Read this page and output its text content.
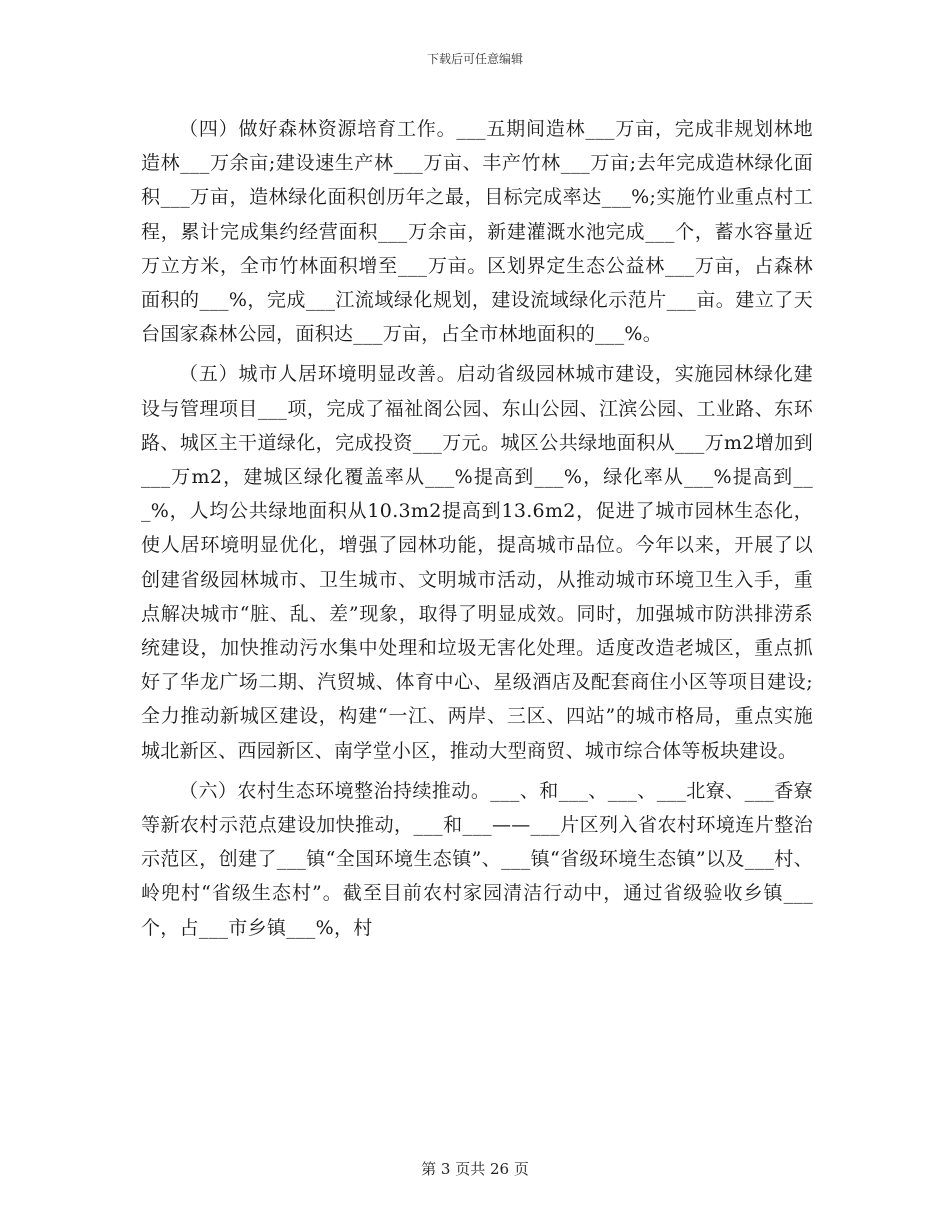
下载后可任意编辑

（四）做好森林资源培育工作。___五期间造林___万亩，完成非规划林地造林___万余亩;建设速生产林___万亩、丰产竹林___万亩;去年完成造林绿化面积___万亩，造林绿化面积创历年之最，目标完成率达___%;实施竹业重点村工程，累计完成集约经营面积___万余亩，新建灌溉水池完成___个，蓄水容量近万立方米，全市竹林面积增至___万亩。区划界定生态公益林___万亩，占森林面积的___%，完成___江流域绿化规划，建设流域绿化示范片___亩。建立了天台国家森林公园，面积达___万亩，占全市林地面积的___%。

（五）城市人居环境明显改善。启动省级园林城市建设，实施园林绿化建设与管理项目___项，完成了福祉阁公园、东山公园、江滨公园、工业路、东环路、城区主干道绿化，完成投资___万元。城区公共绿地面积从___万m2增加到___万m2，建城区绿化覆盖率从___%提高到___%，绿化率从___%提高到___%，人均公共绿地面积从10.3m2提高到13.6m2，促进了城市园林生态化，使人居环境明显优化，增强了园林功能，提高城市品位。今年以来，开展了以创建省级园林城市、卫生城市、文明城市活动，从推动城市环境卫生入手，重点解决城市“脏、乱、差”现象，取得了明显成效。同时，加强城市防洪排涝系统建设，加快推动污水集中处理和垃圾无害化处理。适度改造老城区，重点抓好了华龙广场二期、汽贸城、体育中心、星级酒店及配套商住小区等项目建设;全力推动新城区建设，构建“一江、两岸、三区、四站”的城市格局，重点实施城北新区、西园新区、南学堂小区，推动大型商贸、城市综合体等板块建设。

（六）农村生态环境整治持续推动。___、和___、___、___北寮、___香寮等新农村示范点建设加快推动，___和___——___片区列入省农村环境连片整治示范区，创建了___镇“全国环境生态镇”、___镇“省级环境生态镇”以及___村、岭兜村“省级生态村”。截至目前农村家园清洁行动中，通过省级验收乡镇___个，占___市乡镇___%，村

第 3 页共 26 页
